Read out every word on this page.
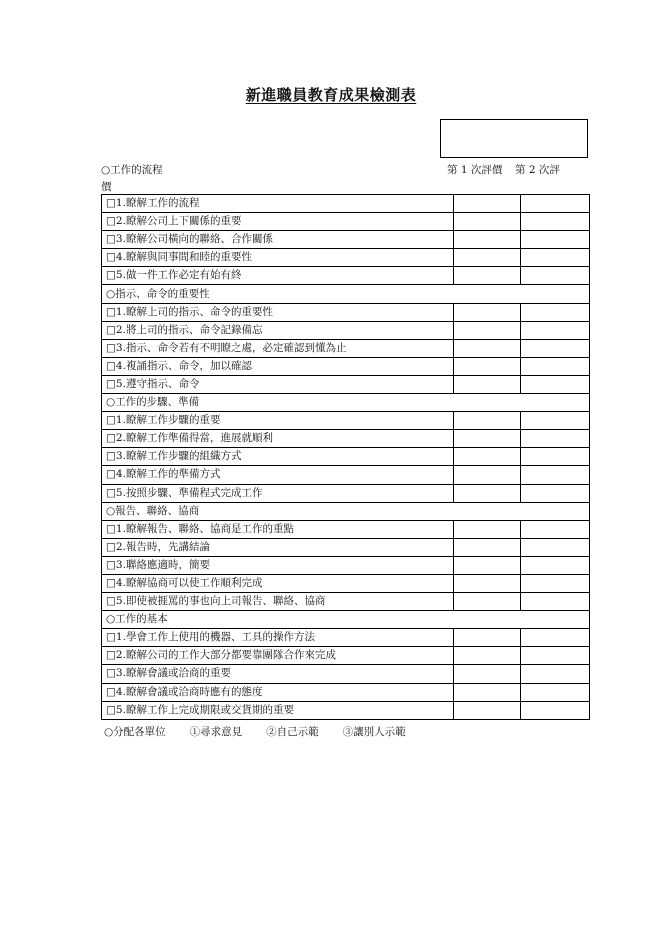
新進職員教育成果檢測表
○工作的流程	第 1 次評價 第 2 次評
價
□1.瞭解工作的流程		
□2.瞭解公司上下關係的重要		
□3.瞭解公司橫向的聯絡、合作關係		
□4.瞭解與同事間和睦的重要性		
□5.做一件工作必定有始有終		
○指示、命令的重要性		
□1.瞭解上司的指示、命令的重要性		
□2.將上司的指示、命令記錄備忘		
□3.指示、命令若有不明瞭之處，必定確認到懂為止		
□4.複誦指示、命令，加以確認		
□5.遵守指示、命令		
○工作的步驟、準備		
□1.瞭解工作步驟的重要		
□2.瞭解工作準備得當，進展就順利		
□3.瞭解工作步驟的組織方式		
□4.瞭解工作的準備方式		
□5.按照步驟、準備程式完成工作		
○報告、聯絡、協商		
□1.瞭解報告、聯絡、協商是工作的重點		
□2.報告時，先講結論		
□3.聯絡應適時，簡要		
□4.瞭解協商可以使工作順利完成		
□5.即使被捱罵的事也向上司報告、聯絡、協商		
○工作的基本		
□1.學會工作上使用的機器、工具的操作方法		
□2.瞭解公司的工作大部分都要靠團隊合作來完成		
□3.瞭解會議或洽商的重要		
□4.瞭解會議或洽商時應有的態度		
□5.瞭解工作上完成期限或交貨期的重要		
○分配各單位 ①尋求意見 ②自己示範 ③讓別人示範
